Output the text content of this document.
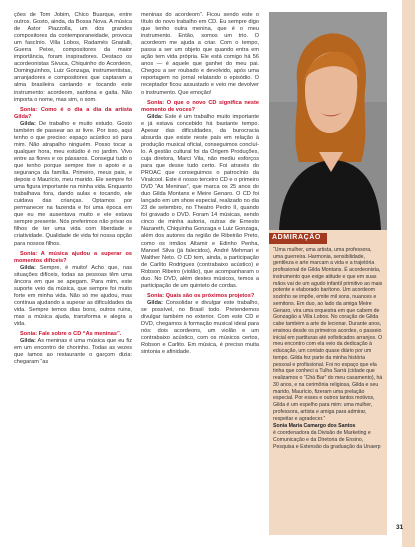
ções de Tom Jobim, Chico Buarque, entre outros. Gosto, ainda, da Bossa Nova. A música de Astor Piazzolla, um dos grandes compositores da contemporaneidade, provoca um fascínio. Villa Lobos, Radamés Gnatalli, Guerra Peixe, compositores da maior importância, foram inspiradores. Destaco os acordeonistas Sivuca, Chiquinho do Acordeon, Dominguinhos, Luiz Gonzaga, instrumentistas, arranjadores e compositores que captaram a alma brasileira cantando e tocando este instrumento: acordeom, sanfona e gaita. Não importa o nome, mas sim, o som.

Sonia: Como é o dia a dia da artista Gilda?

Gilda: De trabalho e muito estudo. Gosto também de passear ao ar livre. Por isso, aqui tenho o que preciso: espaço acústico só para mim. Não atrapalho ninguém. Posso tocar a qualquer hora, meu estúdio é no jardim. Vivo entre as flores e os pássaros. Consegui tudo o que tenho porque sempre tive o apoio e a segurança da família. Primeiro, meus pais, e depois o Maurício, meu marido. Ele sempre foi uma figura importante na minha vida. Enquanto trabalhava fora, dando aulas e tocando, ele cuidava das crianças. Optamos por permanecer na fazenda e foi uma época em que eu me ausentava muito e ele estava sempre presente. Nós preferimos não privar os filhos de ter uma vida com liberdade e criatividade. Qualidade de vida foi nossa opção para nossos filhos.

Sonia: A música ajudou a superar os momentos difíceis?

Gilda: Sempre, é muito! Acho que, nas situações difíceis, todas as pessoas têm uma âncora em que se apegam. Para mim, este suporte veio da música, que sempre foi muito forte em minha vida. Não só me ajudou, mas continua ajudando a superar as dificuldades da vida. Sempre temos dias bons, outros ruins, mas a música ajuda, transforma e alegra a vida.

Sonia: Fale sobre o CD “As meninas”.

Gilda: As meninas é uma música que eu fiz em um encontro de chorinho. Todas as vezes que íamos ao restaurante o garçom dizia: chegaram “as

meninas do acordeom”. Ficou sendo este o título do novo trabalho em CD. Eu sempre digo que tenho outra menina, que é o meu instrumento. Então, somos um trio. O acordeom me ajuda a criar. Com o tempo, passa a ser um objeto que quando entra em ação tem vida própria. Ele está comigo há 56 anos — é aquele que ganhei do meu pai. Chegou a ser roubado e devolvido, após uma reportagem no jornal relatando o episódio. O receptador ficou assustado e veio me devolver o instrumento. Que emoção!

Sonia: O que o novo CD significa neste momento de voces?

Gilda: Este é um trabalho muito importante e já estava concebido há bastante tempo. Apesar das dificuldades, da burocracia absurda que existe neste país em relação à produção musical oficial, conseguimos concluí-lo. A gestão cultural foi da Origem Produções, cuja diretora, Marci Vila, não mediu esforços para que desse tudo certo. Foi através do PROAC que conseguimos o patrocínio da Viralcool. Este é nosso terceiro CD e o primeiro DVD “As Meninas”, que marca os 25 anos do duo Gilda Montans e Meire Genaro. O CD foi lançado em um show especial, realizado no dia 23 de setembro, no Theatro Pedro II, quando foi gravado o DVD. Foram 14 músicas, sendo cinco de minha autoria, outras de Ernesto Nazareth, Chiquinha Gonzaga e Luiz Gonzaga, além dos autores da região de Ribeirão Preto, como os irmãos Altamir e Edinho Penha, Manoel Silva (já falecidos), André Mehmari e Walther Neto. O CD tem, ainda, a participação de Carlito Rodrigues (contrabaixo acústico) e Robson Ribeiro (violão), que acompanharam o duo. No DVD, além destes músicos, temos a participação de um quinteto de cordas.

Sonia: Quais são os próximos projetos?

Gilda: Consolidar e divulgar este trabalho, se possível, no Brasil todo. Pretendemos divulgar também no exterior. Com este CD e DVD, chegamos à formação musical ideal para nós: dois acordeons, um violão e um contrabaixo acústico, com os músicos certos, Robson e Carlito. Em música, é preciso muita sintonia e afinidade.

ADMIRAÇÃO
“Uma mulher, uma artista, uma professora, uma guerreira. Harmonia, sensibilidade, gentileza e arte marcam a vida e a trajetória profissional de Gilda Montans. É acordeonista, instrumento que exige atitude e que em suas mãos vai de um agudo infantil primitivo ao mais potente e elaborado barítono. Um acordeom sozinho se impõe, emite mil sons, nuances e semitons. Em duo, ao lado da amiga Meire Genaro, vira uma orquestra em que cabem de Gonzagão a Villa Lobos. No coração de Gilda cabe também a arte de lecionar. Durante anos, ensinou desde os primeiros acordes, o passeio inicial em partituras até sofisticados arranjos. O meu encontro com ela veio da dedicação à educação, um contato quase diário por um tempo. Gilda fez parte da minha história pessoal e profissional. Foi no espaço que ela tinha que conheci a Tulha Sarrá (cidade que realizamos o “Chá Bar” do meu casamento), há 30 anos, e na cerimônia religiosa, Gilda e seu marido, Maurício, fizeram uma prelação especial. Por esses e outros tantos motivos, Gilda é um espelho para mim: uma mulher, professora, artista e amiga para admirar, respeitar e agradecer.”
Sonia Maria Camargo dos Santos
é coordenadora da Divisão de Marketing e Comunicação e da Diretoria de Ensino, Pesquisa e Extensão da graduação da Unaerp
31
